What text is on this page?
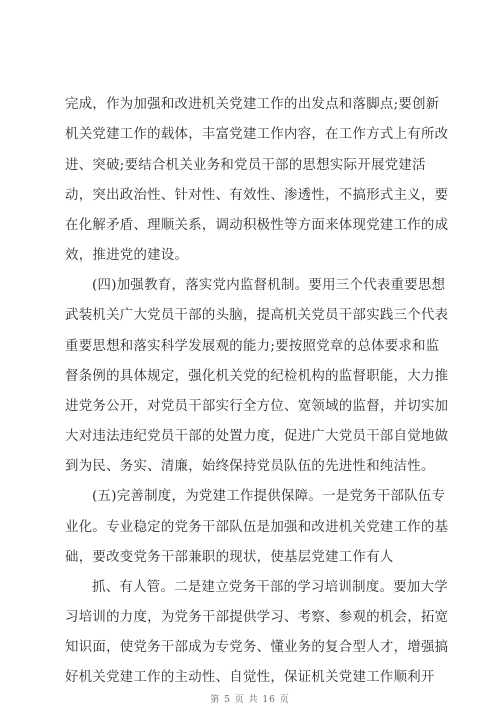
完成，作为加强和改进机关党建工作的出发点和落脚点;要创新
机关党建工作的载体，丰富党建工作内容，在工作方式上有所改
进、突破;要结合机关业务和党员干部的思想实际开展党建活
动，突出政治性、针对性、有效性、渗透性，不搞形式主义，要
在化解矛盾、理顺关系，调动积极性等方面来体现党建工作的成
效，推进党的建设。
(四)加强教育，落实党内监督机制。要用三个代表重要思想
武装机关广大党员干部的头脑，提高机关党员干部实践三个代表
重要思想和落实科学发展观的能力;要按照党章的总体要求和监
督条例的具体规定，强化机关党的纪检机构的监督职能，大力推
进党务公开，对党员干部实行全方位、宽领域的监督，并切实加
大对违法违纪党员干部的处置力度，促进广大党员干部自觉地做
到为民、务实、清廉，始终保持党员队伍的先进性和纯洁性。
(五)完善制度，为党建工作提供保障。一是党务干部队伍专
业化。专业稳定的党务干部队伍是加强和改进机关党建工作的基
础，要改变党务干部兼职的现状，使基层党建工作有人
抓、有人管。二是建立党务干部的学习培训制度。要加大学
习培训的力度，为党务干部提供学习、考察、参观的机会，拓宽
知识面，使党务干部成为专党务、懂业务的复合型人才，增强搞
好机关党建工作的主动性、自觉性，保证机关党建工作顺利开
第 5 页 共 16 页
